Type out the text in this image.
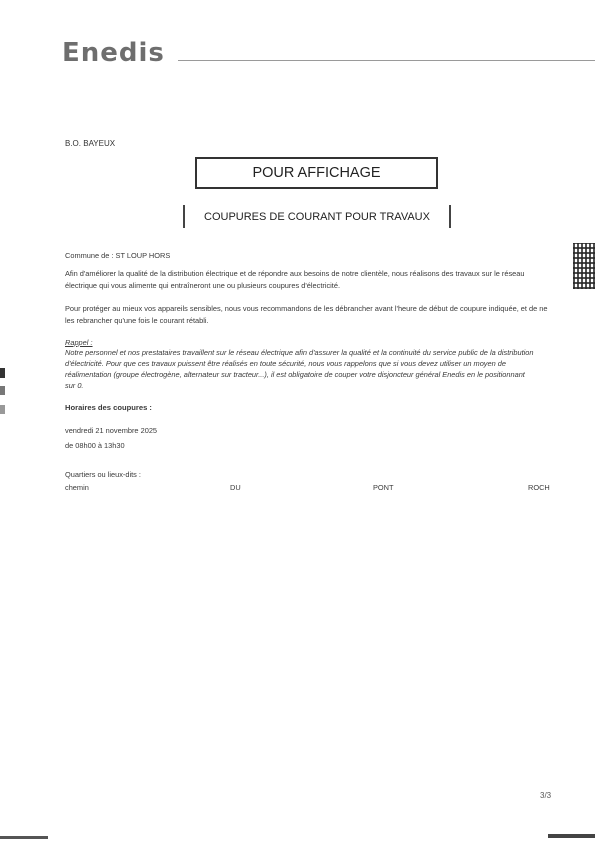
Enedis
B.O. BAYEUX
POUR AFFICHAGE
COUPURES DE COURANT POUR TRAVAUX
Commune de : ST LOUP HORS
Afin d'améliorer la qualité de la distribution électrique et de répondre aux besoins de notre clientèle, nous réalisons des travaux sur le réseau électrique qui vous alimente qui entraîneront une ou plusieurs coupures d'électricité.
Pour protéger au mieux vos appareils sensibles, nous vous recommandons de les débrancher avant l'heure de début de coupure indiquée, et de ne les rebrancher qu'une fois le courant rétabli.
Rappel :
Notre personnel et nos prestataires travaillent sur le réseau électrique afin d'assurer la qualité et la continuité du service public de la distribution d'électricité. Pour que ces travaux puissent être réalisés en toute sécurité, nous vous rappelons que si vous devez utiliser un moyen de réalimentation (groupe électrogène, alternateur sur tracteur...), il est obligatoire de couper votre disjoncteur général Enedis en le positionnant sur 0.
Horaires des coupures :
vendredi 21 novembre 2025
de 08h00 à 13h30
Quartiers ou lieux-dits :
chemin	DU	PONT	ROCH
3/3
